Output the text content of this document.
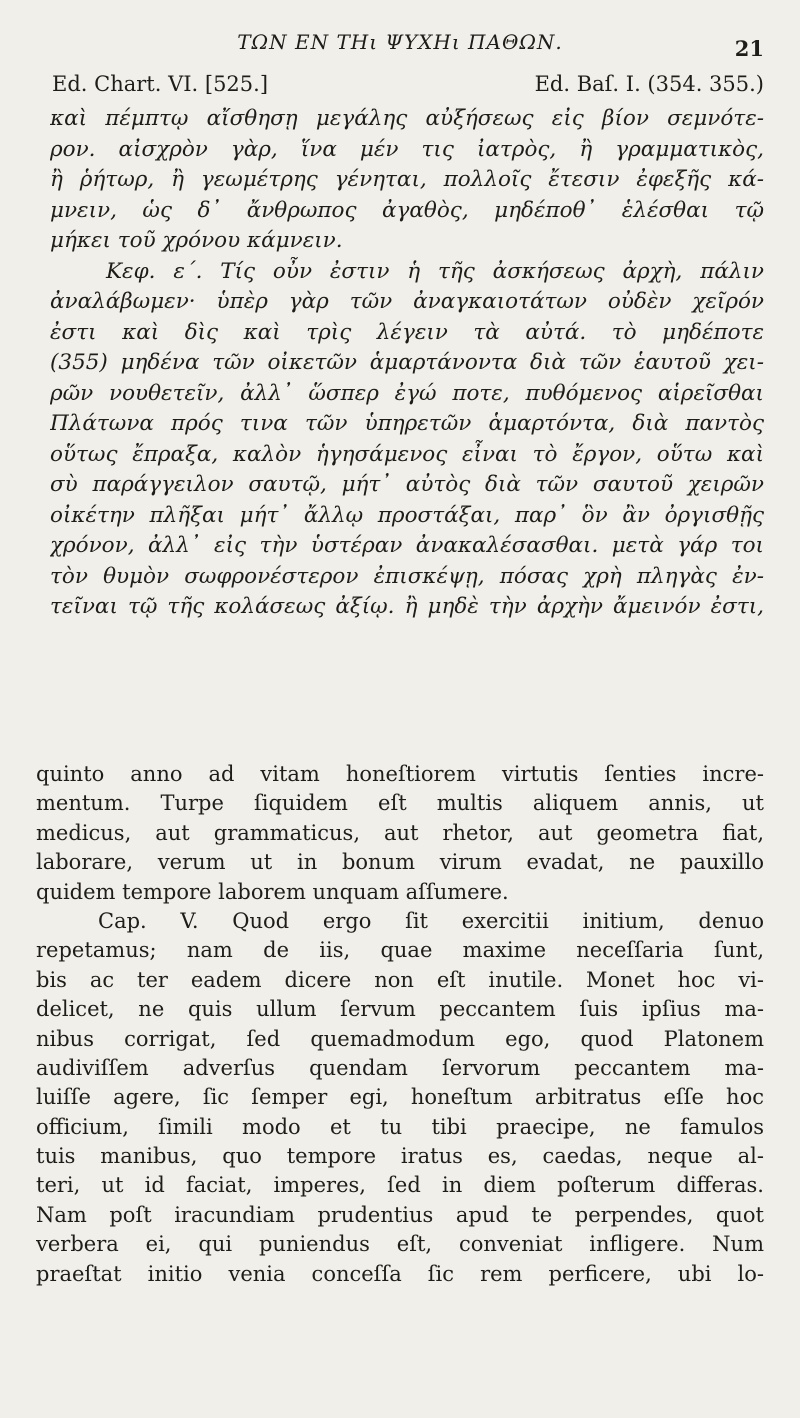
ΤΩΝ ΕΝ ΤΗι ΨΥΧΗι ΠΑΘΩΝ.	21
Ed. Chart. VI. [525.]	Ed. Baſ. I. (354. 355.)
καὶ πέμπτῳ αἴσθησῃ μεγάλης αὐξήσεως εἰς βίον σεμνότε-
ρον. αἰσχρὸν γὰρ, ἵνα μέν τις ἰατρὸς, ἢ γραμματικὸς,
ἢ ῥήτωρ, ἢ γεωμέτρης γένηται, πολλοῖς ἔτεσιν ἐφεξῆς κά-
μνειν, ὡς δ᾽ ἄνθρωπος ἀγαθὸς, μηδέποθ᾽ ἑλέσθαι τῷ
μήκει τοῦ χρόνου κάμνειν.
Κεφ. ε΄. Τίς οὖν ἐστιν ἡ τῆς ἀσκήσεως ἀρχὴ, πάλιν
ἀναλάβωμεν· ὑπὲρ γὰρ τῶν ἀναγκαιοτάτων οὐδὲν χεῖρόν
ἐστι καὶ δὶς καὶ τρὶς λέγειν τὰ αὐτά. τὸ μηδέποτε
(355) μηδένα τῶν οἰκετῶν ἁμαρτάνοντα διὰ τῶν ἑαυτοῦ χει-
ρῶν νουθετεῖν, ἀλλ᾽ ὥσπερ ἐγώ ποτε, πυθόμενος αἱρεῖσθαι
Πλάτωνα πρός τινα τῶν ὑπηρετῶν ἁμαρτόντα, διὰ παντὸς
οὕτως ἔπραξα, καλὸν ἡγησάμενος εἶναι τὸ ἔργον, οὕτω καὶ
σὺ παράγγειλον σαυτῷ, μήτ᾽ αὐτὸς διὰ τῶν σαυτοῦ χειρῶν
οἰκέτην πλῆξαι μήτ᾽ ἄλλῳ προστάξαι, παρ᾽ ὃν ἂν ὀργισθῇς
χρόνον, ἀλλ᾽ εἰς τὴν ὑστέραν ἀνακαλέσασθαι. μετὰ γάρ τοι
τὸν θυμὸν σωφρονέστερον ἐπισκέψῃ, πόσας χρὴ πληγὰς ἐν-
τεῖναι τῷ τῆς κολάσεως ἀξίῳ. ἢ μηδὲ τὴν ἀρχὴν ἄμεινόν ἐστι,
quinto anno ad vitam honeſtiorem virtutis ſenties incre-
mentum. Turpe ſiquidem eſt multis aliquem annis, ut
medicus, aut grammaticus, aut rhetor, aut geometra fiat,
laborare, verum ut in bonum virum evadat, ne pauxillo
quidem tempore laborem unquam aſſumere.
Cap. V. Quod ergo ſit exercitii initium, denuo
repetamus; nam de iis, quae maxime neceſſaria ſunt,
bis ac ter eadem dicere non eſt inutile. Monet hoc vi-
delicet, ne quis ullum ſervum peccantem ſuis ipſius ma-
nibus corrigat, ſed quemadmodum ego, quod Platonem
audiviſſem adverſus quendam ſervorum peccantem ma-
luiſſe agere, ſic ſemper egi, honeſtum arbitratus eſſe hoc
officium, ſimili modo et tu tibi praecipe, ne famulos
tuis manibus, quo tempore iratus es, caedas, neque al-
teri, ut id faciat, imperes, ſed in diem poſterum differas.
Nam poſt iracundiam prudentius apud te perpendes, quot
verbera ei, qui puniendus eſt, conveniat infligere. Num
praeſtat initio venia conceſſa ſic rem perficere, ubi lo-
